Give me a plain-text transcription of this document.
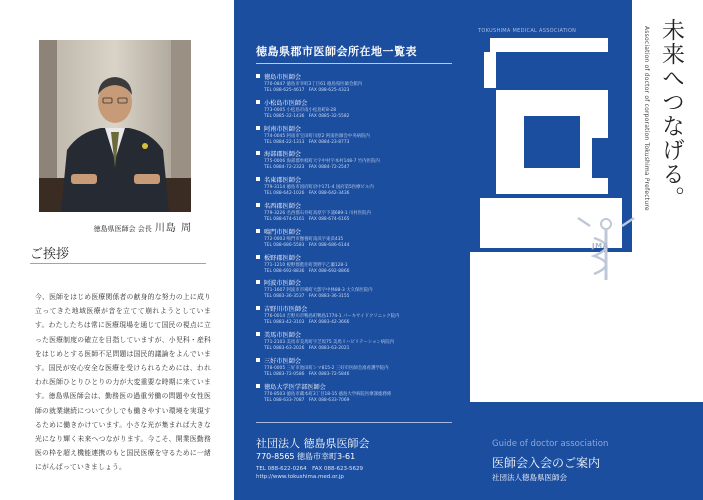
徳島県医師会 会長 川島 周
ご挨拶
今、医師をはじめ医療関係者の献身的な努力の上に成り立ってきた地域医療が音を立てて崩れようとしています。わたしたちは常に医療現場を通じて国民の視点に立った医療制度の確立を目指していますが、小児科・産科をはじめとする医師不足問題は国民的議論をよんでいます。国民が安心安全な医療を受けられるためには、われわれ医師ひとりひとりの力が大変重要な時期に来ています。徳島県医師会は、勤務医の過重労働の問題や女性医師の就業継続について少しでも働きやすい環境を実現するために働きかけています。小さな光が集まれば大きな光になり輝く未来へつながります。今こそ、開業医勤務医の枠を超え機能連携のもと国民医療を守るために一緒にがんばっていきましょう。
徳島県郡市医師会所在地一覧表
徳島市医師会
770-0847 徳島市幸町3丁目61 徳島県医師会館内
TEL 088-625-4617　FAX 088-625-4323
小松島市医師会
773-0005 小松島市南小松島町8-28
TEL 0885-32-1436　FAX 0885-32-5582
阿南市医師会
774-0045 阿南市宝田町川原2 阿南医師会中央病院内
TEL 0884-22-1313　FAX 0884-23-8773
海部郡医師会
775-0006 海部郡牟岐町大字中村字本村148-7 竹内医院内
TEL 0884-72-2323　FAX 0884-72-2547
名東郡医師会
779-3114 徳島市国府町府中171-4 国府第5医療ビル内
TEL 088-642-1026　FAX 088-642-3436
名西郡医師会
779-3226 名西郡石井町高原字下浦689-1 川村医院内
TEL 088-674-6161　FAX 088-674-6165
鳴門市医師会
772-0003 鳴門市撫養町南浜字東浜435
TEL 088-686-5583　FAX 088-686-6144
板野郡医師会
771-1210 板野郡藍住町奥野字乙瀬128-1
TEL 088-692-8836　FAX 088-692-8866
阿波市医師会
771-1607 阿波市市場町大影字中林88-3 大久保医院内
TEL 0883-36-3537　FAX 0883-36-3155
吉野川市医師会
776-0014 吉野川市鴨島町鴨島1774-1 パーキサイドクリニック院内
TEL 0883-42-3103　FAX 0883-42-3666
美馬市医師会
771-2103 美馬市美馬町字芝坂75 美馬リハビリテーション病院内
TEL 0883-63-2026　FAX 0883-63-2021
三好市医師会
778-0005 三好市池田町シマ815-2 三好市医師会准看護学院内
TEL 0883-72-0586　FAX 0883-72-5846
徳島大学医学部医師会
770-8503 徳島市蔵本町3丁目18-15 徳島大学病院医療課総務係
TEL 088-633-7087　FAX 088-633-7069
社団法人 徳島県医師会
770-8565 徳島市幸町3-61
TEL 088-622-0264　FAX 088-623-5629
http://www.tokushima.med.or.jp
TOKUSHIMA MEDICAL ASSOCIATION
JMA
Association of doctor of corporation Tokushima Prefecture 未来へつなげる。
Guide of doctor association
医師会入会のご案内
社団法人徳島県医師会
